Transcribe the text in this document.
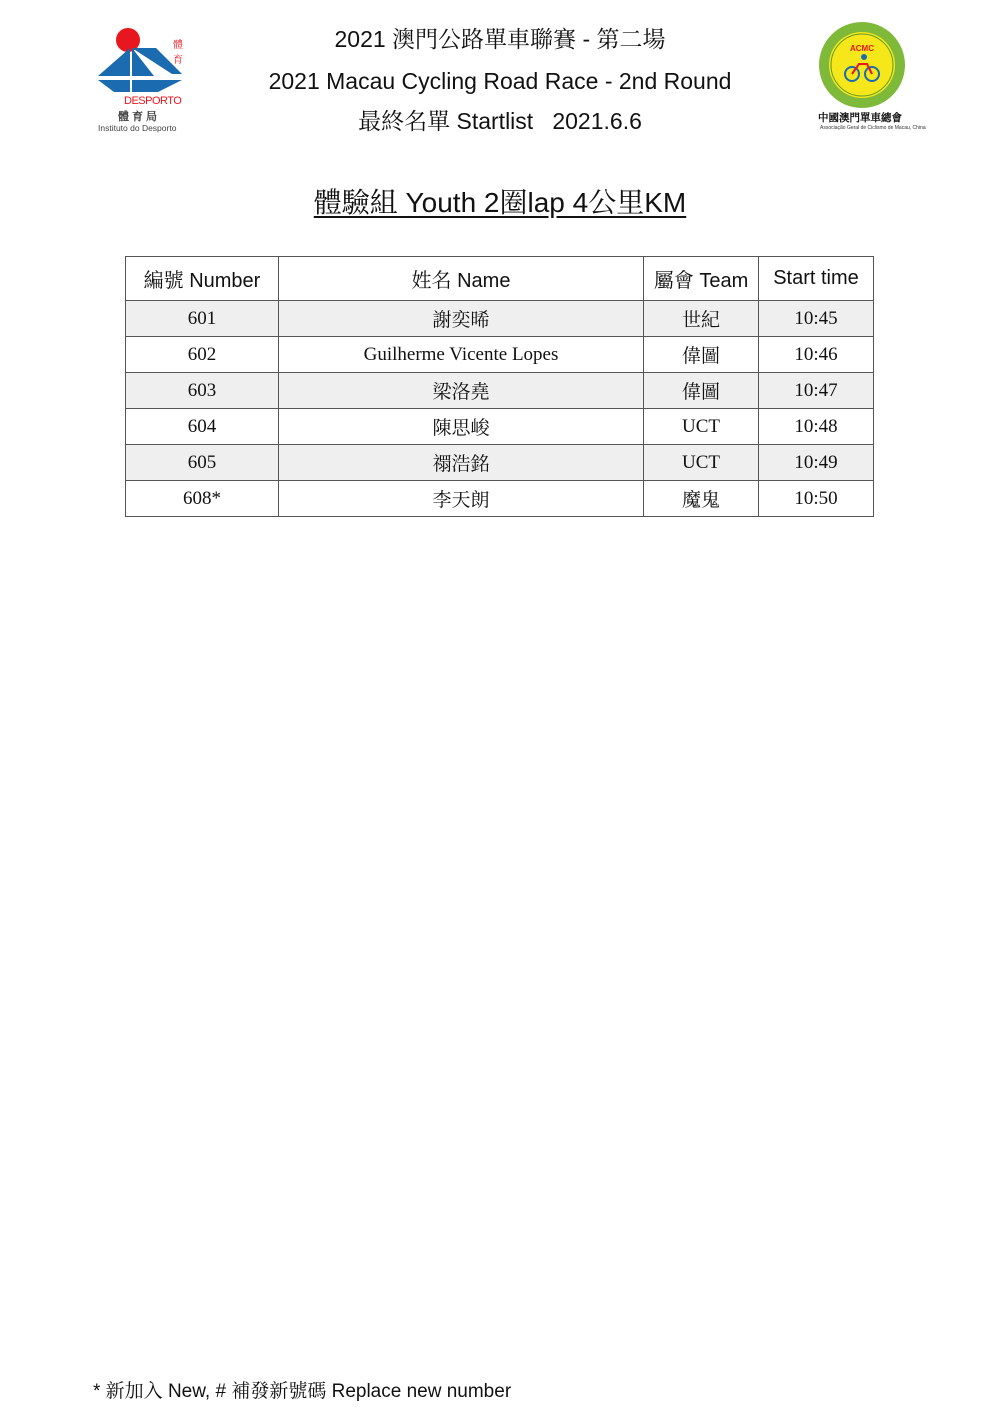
體
育
DESPORTO
體育局
Instituto do Desporto
2021 澳門公路單車聯賽 - 第二場
2021 Macau Cycling Road Race - 2nd Round
最終名單 Startlist   2021.6.6
ACMC
中國澳門單車總會
Associação Geral de Ciclismo de Macau, China
體驗組 Youth 2圈lap 4公里KM
編號 Number	姓名 Name	屬會 Team	Start time
601	謝奕晞	世紀	10:45
602	Guilherme Vicente Lopes	偉圖	10:46
603	梁洛堯	偉圖	10:47
604	陳思峻	UCT	10:48
605	禤浩銘	UCT	10:49
608*	李天朗	魔鬼	10:50
* 新加入 New, # 補發新號碼 Replace new number
